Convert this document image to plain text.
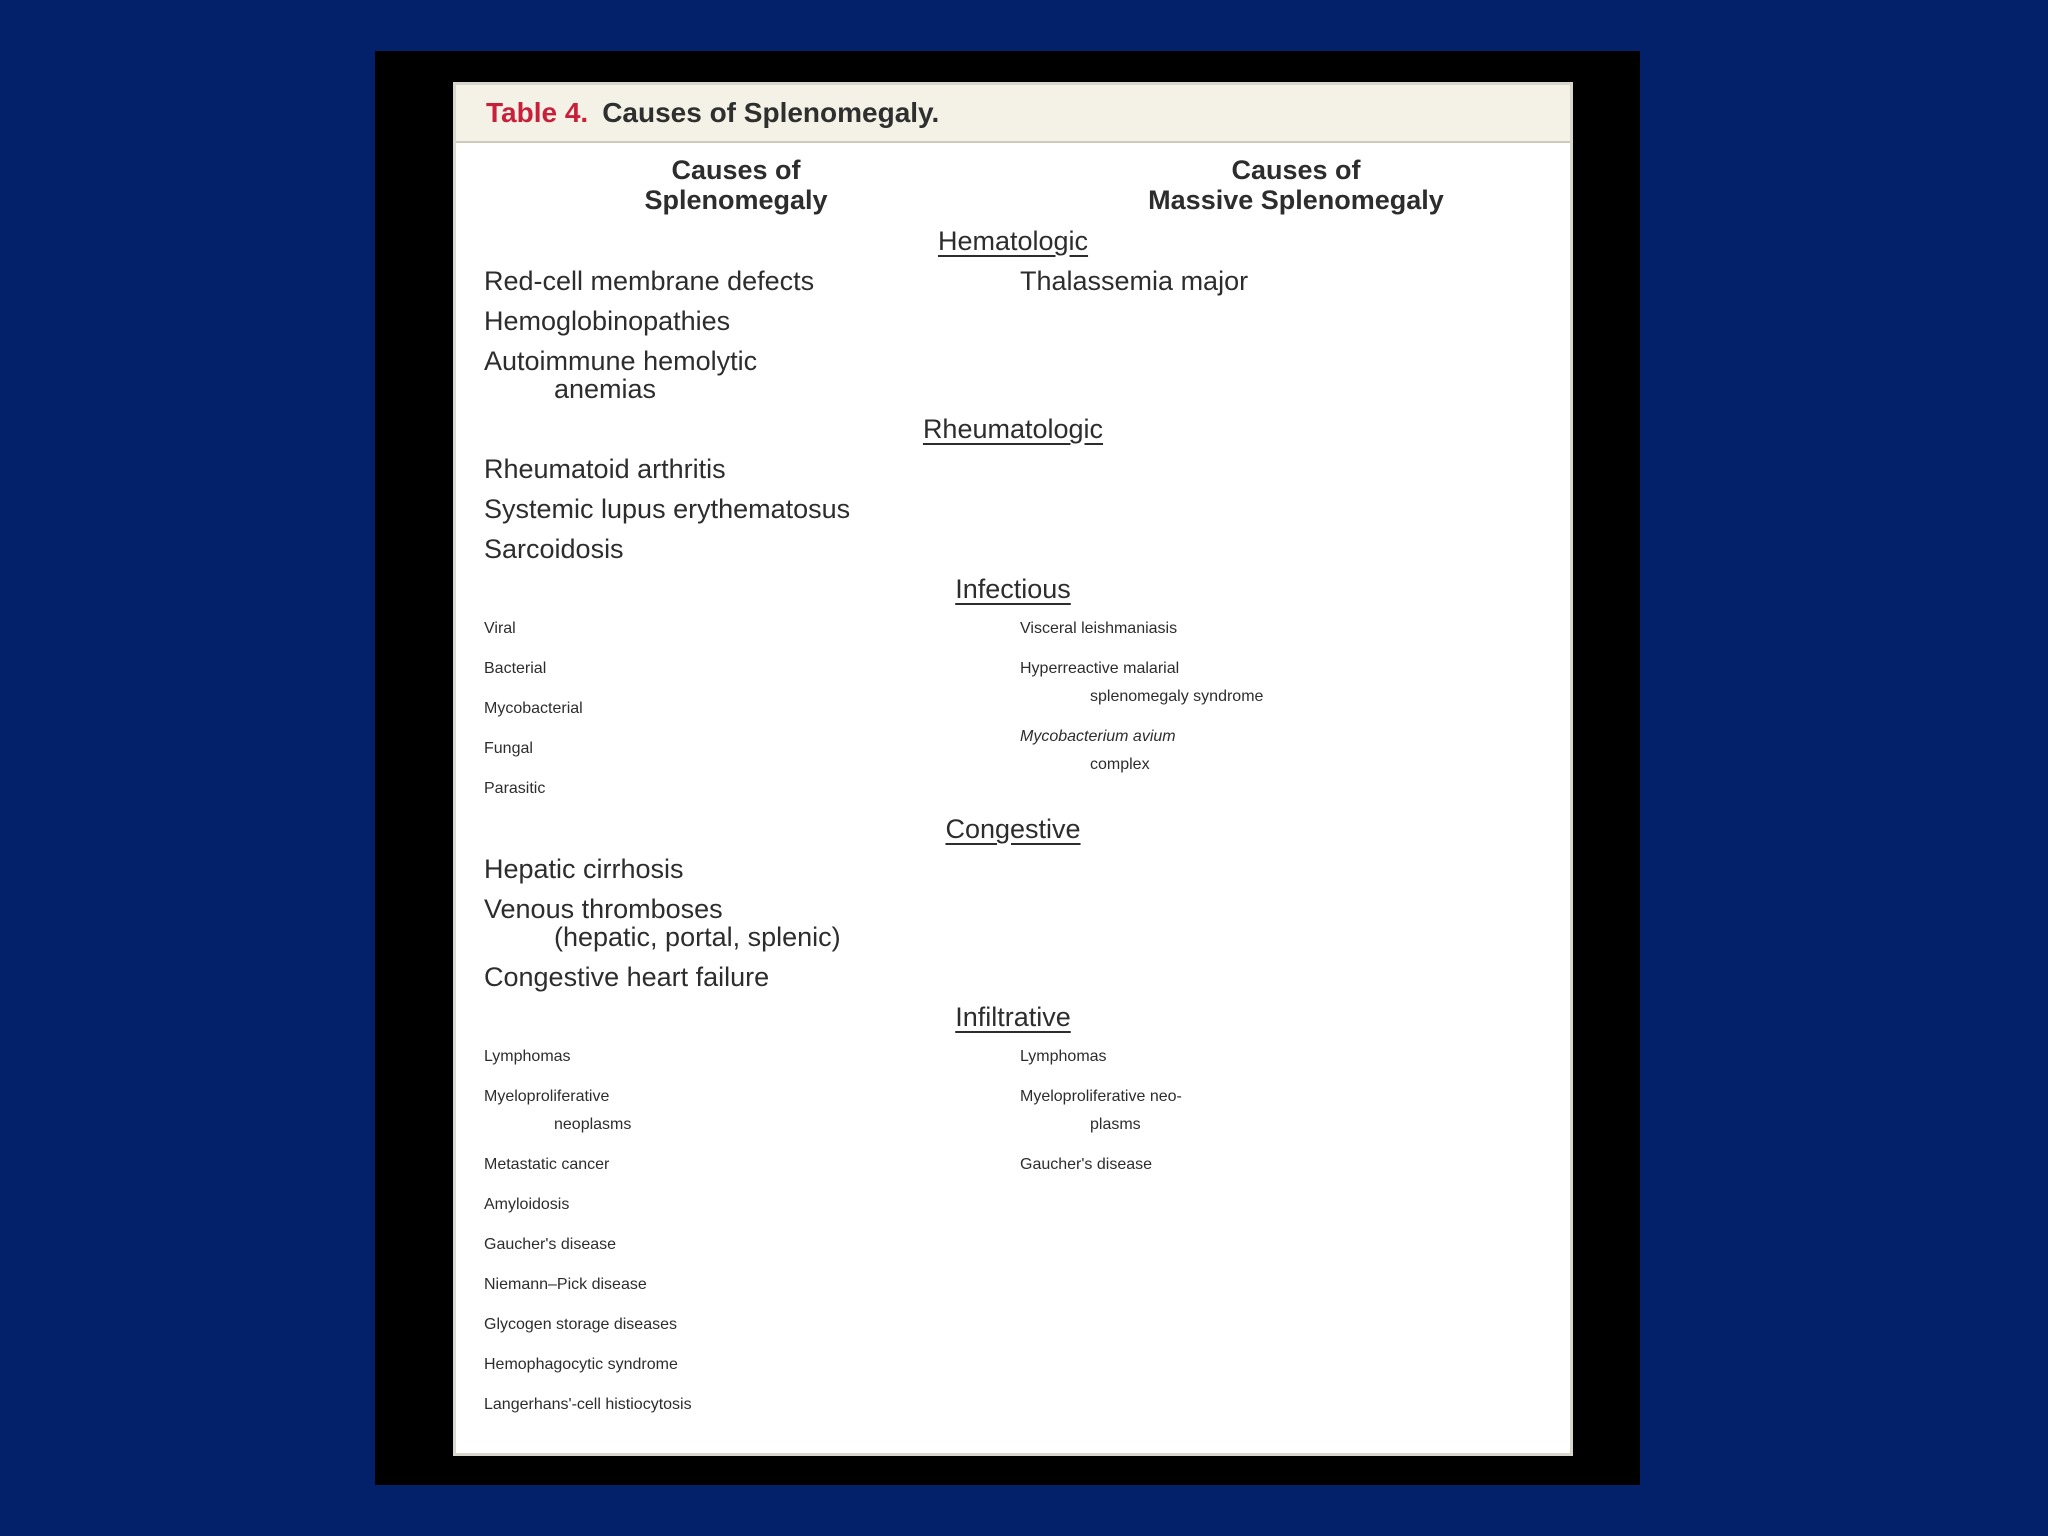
Table 4. Causes of Splenomegaly.
Causes of
Splenomegaly
Causes of
Massive Splenomegaly
Hematologic
Red-cell membrane defects	Thalassemia major
Hemoglobinopathies
Autoimmune hemolytic
anemias
Rheumatologic
Rheumatoid arthritis
Systemic lupus erythematosus
Sarcoidosis
Infectious
Viral
Bacterial
Mycobacterial
Fungal
Parasitic
Visceral leishmaniasis
Hyperreactive malarial
splenomegaly syndrome
Mycobacterium avium
complex
Congestive
Hepatic cirrhosis
Venous thromboses
(hepatic, portal, splenic)
Congestive heart failure
Infiltrative
Lymphomas
Myeloproliferative
neoplasms
Metastatic cancer
Amyloidosis
Gaucher's disease
Niemann–Pick disease
Glycogen storage diseases
Hemophagocytic syndrome
Langerhans'-cell histiocytosis
Lymphomas
Myeloproliferative neo-
plasms
Gaucher's disease
